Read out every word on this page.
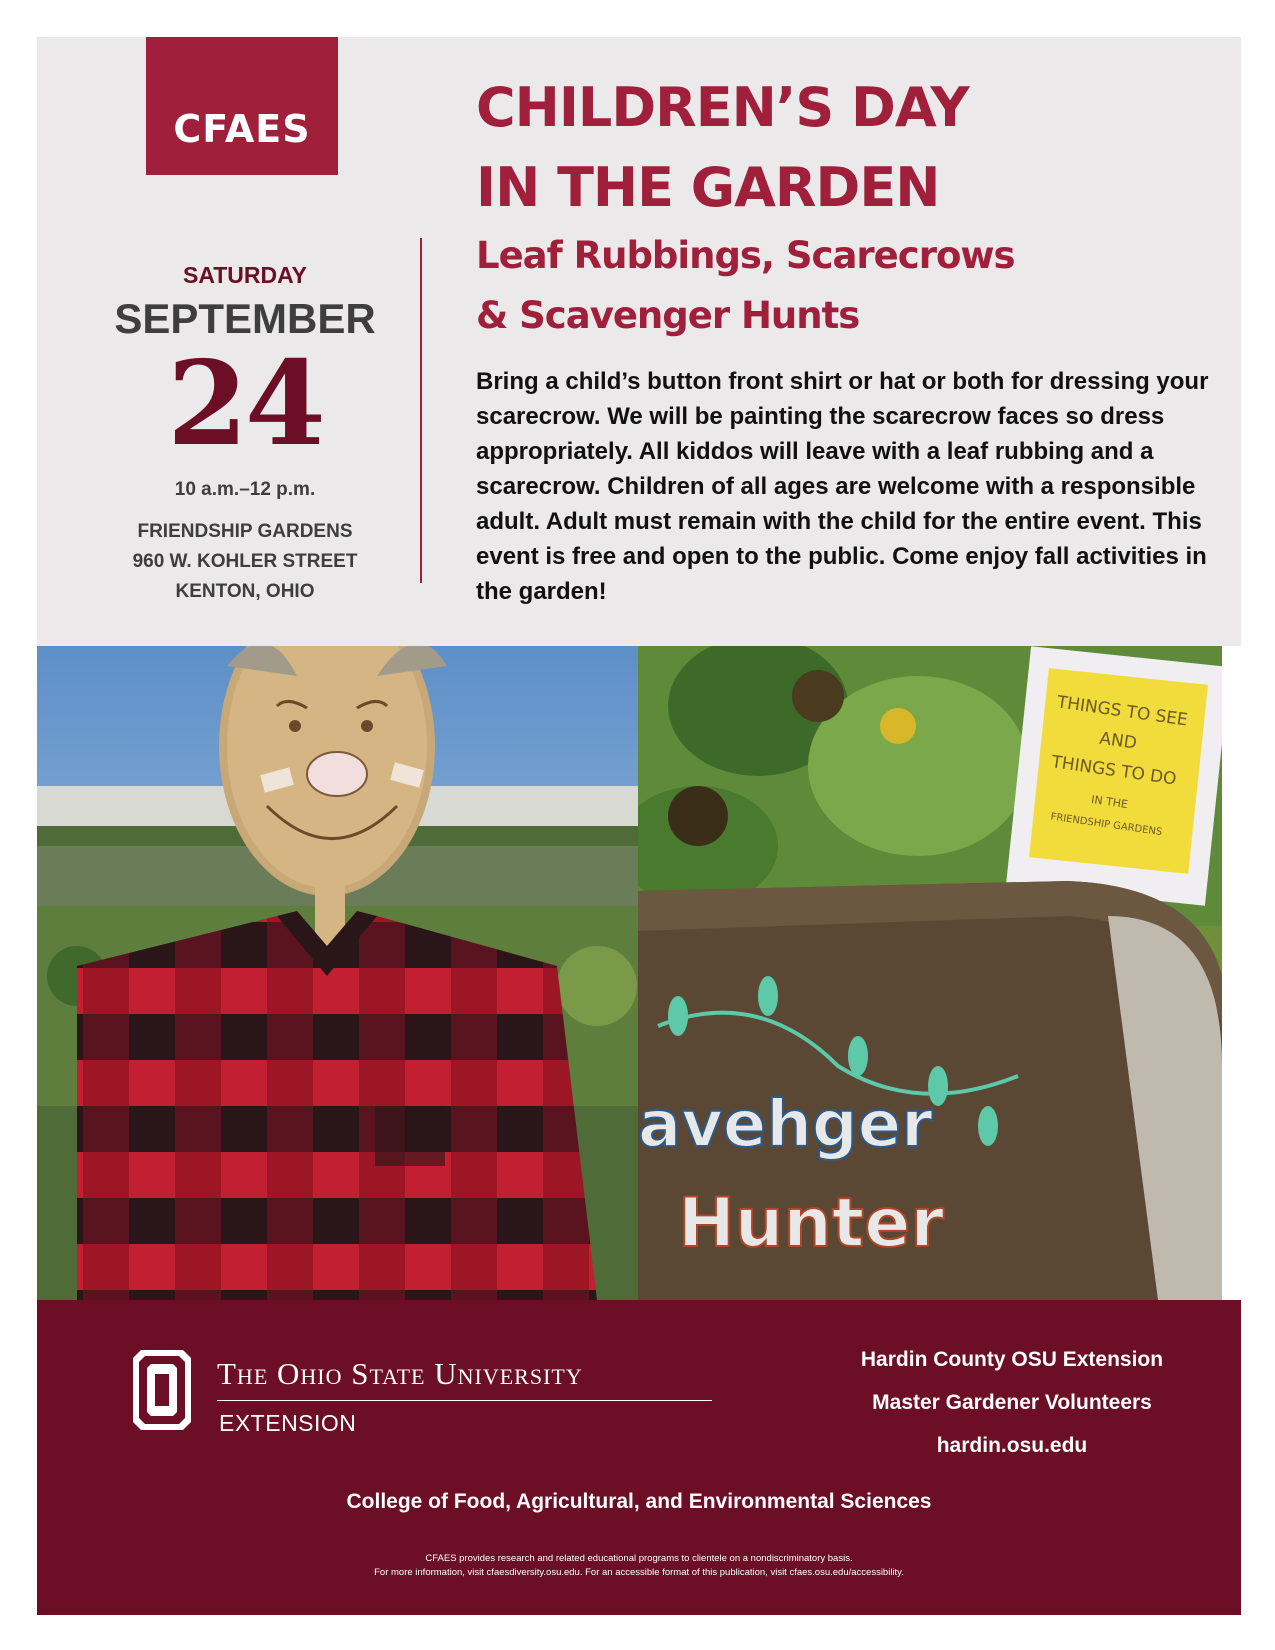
CFAES
SATURDAY
SEPTEMBER
24
10 a.m.–12 p.m.
FRIENDSHIP GARDENS
960 W. KOHLER STREET
KENTON, OHIO
CHILDREN’S DAY
IN THE GARDEN
Leaf Rubbings, Scarecrows
& Scavenger Hunts
Bring a child’s button front shirt or hat or both for dressing your scarecrow. We will be painting the scarecrow faces so dress appropriately. All kiddos will leave with a leaf rubbing and a scarecrow. Children of all ages are welcome with a responsible adult. Adult must remain with the child for the entire event. This event is free and open to the public. Come enjoy fall activities in the garden!
THINGS TO SEE
AND
THINGS TO DO
IN THE
FRIENDSHIP GARDENS
avehger
Hunter
The Ohio State University
EXTENSION
Hardin County OSU Extension
Master Gardener Volunteers
hardin.osu.edu
College of Food, Agricultural, and Environmental Sciences
CFAES provides research and related educational programs to clientele on a nondiscriminatory basis.
For more information, visit cfaesdiversity.osu.edu. For an accessible format of this publication, visit cfaes.osu.edu/accessibility.
